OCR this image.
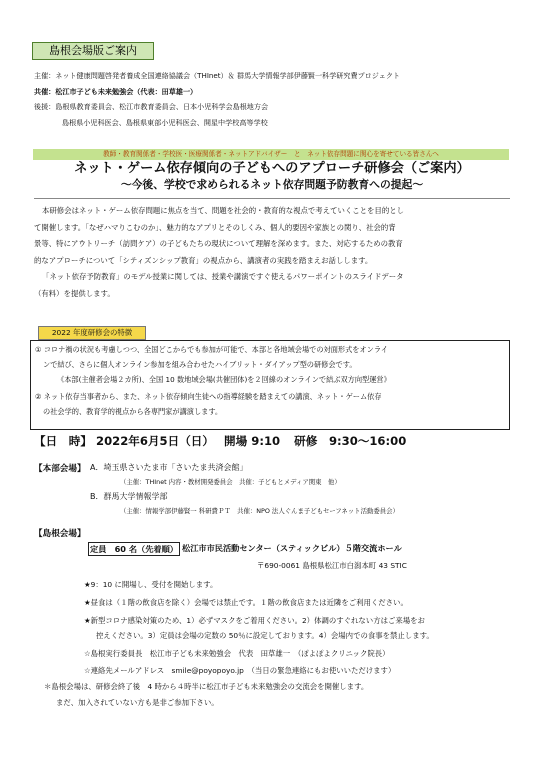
島根会場版ご案内
主催：ネット健康問題啓発者養成全国連絡協議会（THInet）＆ 群馬大学情報学部伊藤賢一科学研究費プロジェクト
共催：松江市子ども未来勉強会（代表：田草雄一）
後援：島根県教育委員会、松江市教育委員会、日本小児科学会島根地方会
島根県小児科医会、島根県東部小児科医会、開星中学校高等学校
教師・教育関係者・学校医・医療関係者・ネットアドバイザー　と　ネット依存問題に関心を寄せている皆さんへ
ネット・ゲーム依存傾向の子どもへのアプローチ研修会（ご案内）
～今後、学校で求められるネット依存問題予防教育への提起～
本研修会はネット・ゲーム依存問題に焦点を当て、問題を社会的・教育的な視点で考えていくことを目的とし
て開催します。「なぜハマりこむのか」、魅力的なアプリとそのしくみ、個人的要因や家族との関り、社会的背
景等、特にアウトリーチ（訪問ケア）の子どもたちの現状について理解を深めます。また、対応するための教育
的なアプローチについて「シティズンシップ教育」の視点から、講演者の実践を踏まえお話しします。
「ネット依存予防教育」のモデル授業に関しては、授業や講演ですぐ使えるパワーポイントのスライドデータ
（有料）を提供します。
2022 年度研修会の特徴
① コロナ禍の状況も考慮しつつ、全国どこからでも参加が可能で、本部と各地域会場での対面形式をオンライ
ンで結び、さらに個人オンライン参加を組み合わせたハイブリット・ダイアップ型の研修会です。
《本部(主催者会場２カ所)、全国 10 数地域会場(共催団体)を２回線のオンラインで結ぶ双方向型運営》
② ネット依存当事者から、また、ネット依存傾向生徒への指導経験を踏まえての講演、ネット・ゲーム依存
の社会学的、教育学的視点から各専門家が講演します。
【日　時】 2022年6月5日（日） 開場 9:10 研修　9:30～16:00
【本部会場】 A．埼玉県さいたま市「さいたま共済会館」
（主催：THInet 内容・教材開発委員会　共催：子どもとメディア関東　他）
B．群馬大学情報学部
（主催：情報学部伊藤賢一 科研費ＰＴ　共催：NPO 法人ぐんま子どもセーフネット活動委員会）
【島根会場】
定員　60 名（先着順） 松江市市民活動センター（スティックビル）５階交流ホール
〒690-0061 島根県松江市白潟本町 43 STIC
★9：10 に開場し、受付を開始します。
★昼食は（１階の飲食店を除く）会場では禁止です。１階の飲食店または近隣をご利用ください。
★新型コロナ感染対策のため、1）必ずマスクをご着用ください。2）体調のすぐれない方はご来場をお
控えください。3）定員は会場の定数の 50％に設定しております。4）会場内での食事を禁止します。
☆島根実行委員長　松江市子ども未来勉強会　代表　田草雄一　（ぽよぽよクリニック院長）
☆連絡先メールアドレス　smile@poyopoyo.jp　（当日の緊急連絡にもお使いいただけます）
＊島根会場は、研修会終了後　4 時から４時半に松江市子ども未来勉強会の交流会を開催します。
まだ、加入されていない方も是非ご参加下さい。
